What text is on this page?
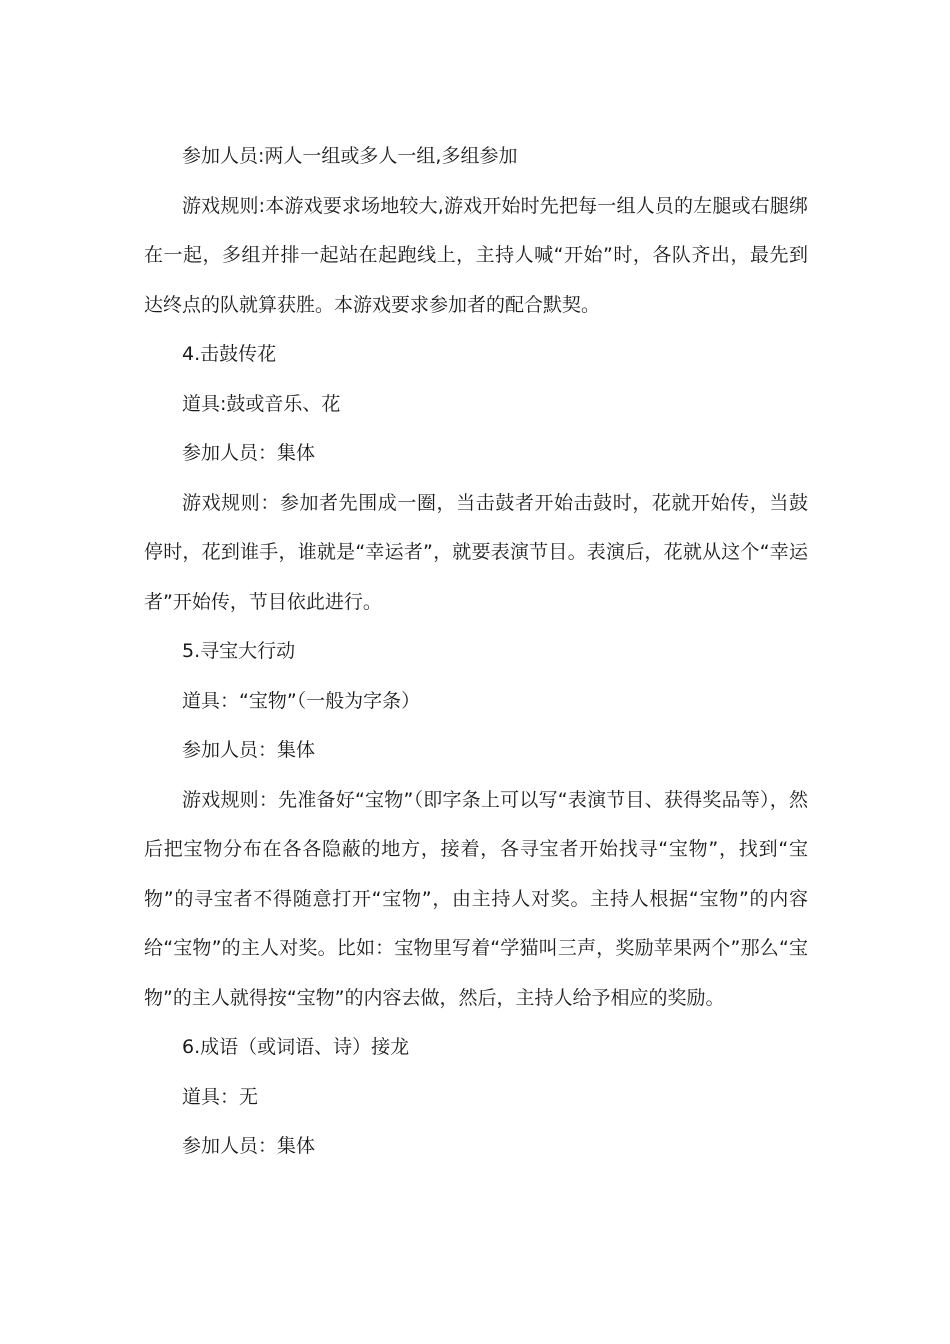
参加人员:两人一组或多人一组,多组参加

游戏规则:本游戏要求场地较大,游戏开始时先把每一组人员的左腿或右腿绑在一起，多组并排一起站在起跑线上，主持人喊“开始”时，各队齐出，最先到达终点的队就算获胜。本游戏要求参加者的配合默契。

4.击鼓传花

道具:鼓或音乐、花

参加人员：集体

游戏规则：参加者先围成一圈，当击鼓者开始击鼓时，花就开始传，当鼓停时，花到谁手，谁就是“幸运者”，就要表演节目。表演后，花就从这个“幸运者”开始传，节目依此进行。

5.寻宝大行动

道具：“宝物”（一般为字条）

参加人员：集体

游戏规则：先准备好“宝物”（即字条上可以写“表演节目、获得奖品等），然后把宝物分布在各各隐蔽的地方，接着，各寻宝者开始找寻“宝物”，找到“宝物”的寻宝者不得随意打开“宝物”，由主持人对奖。主持人根据“宝物”的内容给“宝物”的主人对奖。比如：宝物里写着“学猫叫三声，奖励苹果两个”那么“宝物”的主人就得按“宝物”的内容去做，然后，主持人给予相应的奖励。

6.成语（或词语、诗）接龙

道具：无

参加人员：集体
